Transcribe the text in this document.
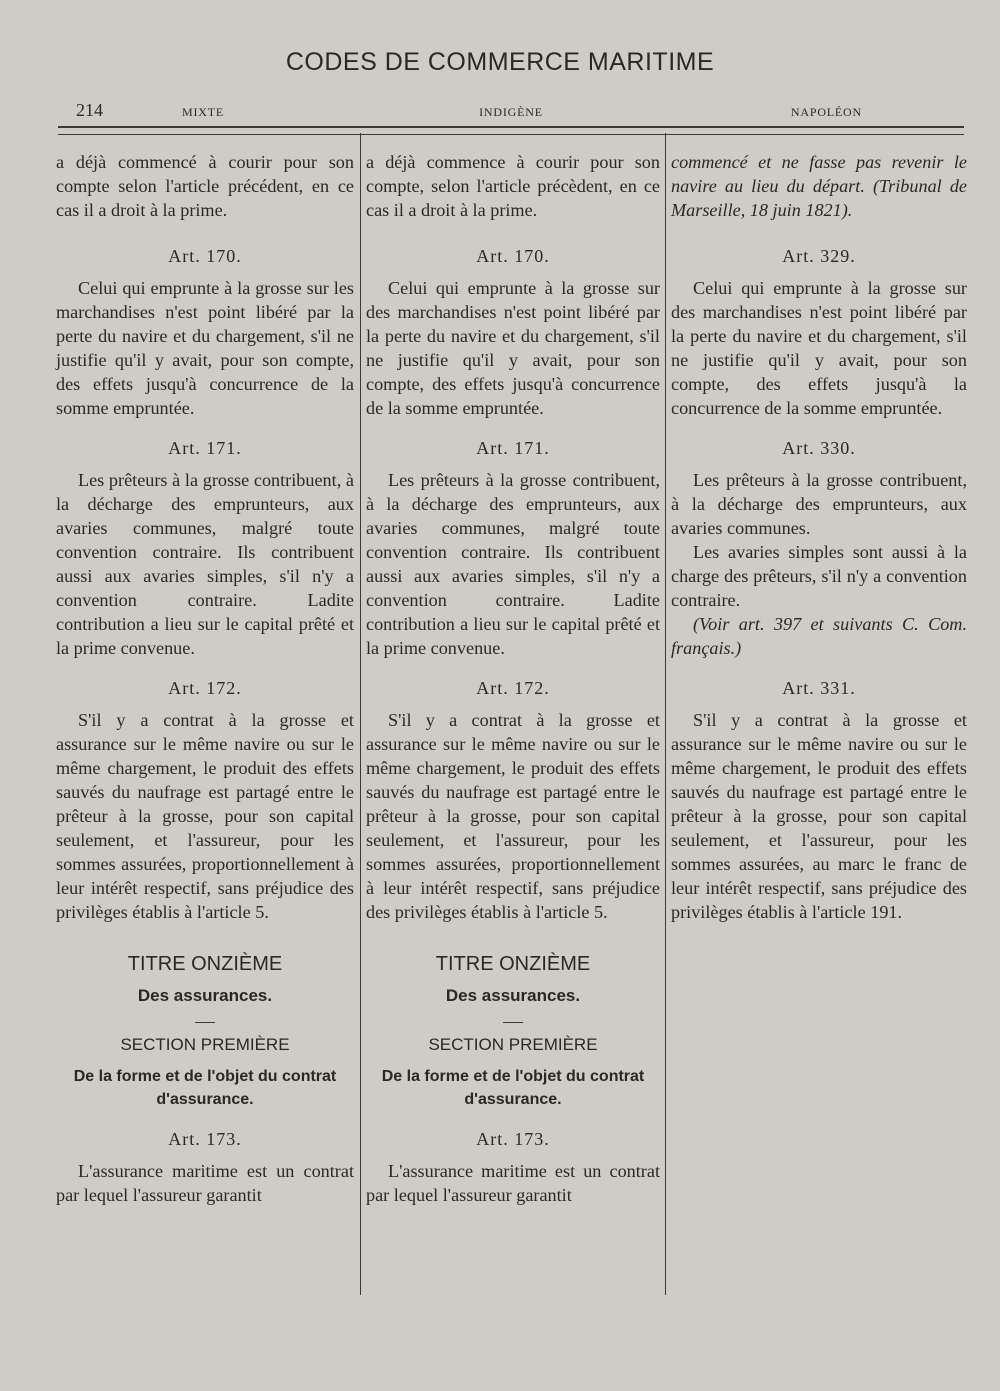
CODES DE COMMERCE MARITIME
214	MIXTE	INDIGÈNE	NAPOLÉON

a déjà commencé à courir pour son compte selon l'article précédent, en ce cas il a droit à la prime.

Art. 170.

Celui qui emprunte à la grosse sur les marchandises n'est point libéré par la perte du navire et du chargement, s'il ne justifie qu'il y avait, pour son compte, des effets jusqu'à concurrence de la somme empruntée.

Art. 171.

Les prêteurs à la grosse contribuent, à la décharge des emprunteurs, aux avaries communes, malgré toute convention contraire. Ils contribuent aussi aux avaries simples, s'il n'y a convention contraire. Ladite contribution a lieu sur le capital prêté et la prime convenue.

Art. 172.

S'il y a contrat à la grosse et assurance sur le même navire ou sur le même chargement, le produit des effets sauvés du naufrage est partagé entre le prêteur à la grosse, pour son capital seulement, et l'assureur, pour les sommes assurées, proportionnellement à leur intérêt respectif, sans préjudice des privilèges établis à l'article 5.

TITRE ONZIÈME
Des assurances.
SECTION PREMIÈRE
De la forme et de l'objet du contrat d'assurance.
Art. 173.

L'assurance maritime est un contrat par lequel l'assureur garantit

a déjà commence à courir pour son compte, selon l'article précèdent, en ce cas il a droit à la prime.

Art. 170.

Celui qui emprunte à la grosse sur des marchandises n'est point libéré par la perte du navire et du chargement, s'il ne justifie qu'il y avait, pour son compte, des effets jusqu'à concurrence de la somme empruntée.

Art. 171.

Les prêteurs à la grosse contribuent, à la décharge des emprunteurs, aux avaries communes, malgré toute convention contraire. Ils contribuent aussi aux avaries simples, s'il n'y a convention contraire. Ladite contribution a lieu sur le capital prêté et la prime convenue.

Art. 172.

S'il y a contrat à la grosse et assurance sur le même navire ou sur le même chargement, le produit des effets sauvés du naufrage est partagé entre le prêteur à la grosse, pour son capital seulement, et l'assureur, pour les sommes assurées, proportionnellement à leur intérêt respectif, sans préjudice des privilèges établis à l'article 5.

TITRE ONZIÈME
Des assurances.
SECTION PREMIÈRE
De la forme et de l'objet du contrat d'assurance.
Art. 173.

L'assurance maritime est un contrat par lequel l'assureur garantit

commencé et ne fasse pas revenir le navire au lieu du départ. (Tribunal de Marseille, 18 juin 1821).

Art. 329.

Celui qui emprunte à la grosse sur des marchandises n'est point libéré par la perte du navire et du chargement, s'il ne justifie qu'il y avait, pour son compte, des effets jusqu'à la concurrence de la somme empruntée.

Art. 330.

Les prêteurs à la grosse contribuent, à la décharge des emprunteurs, aux avaries communes.

Les avaries simples sont aussi à la charge des prêteurs, s'il n'y a convention contraire.

(Voir art. 397 et suivants C. Com. français.)

Art. 331.

S'il y a contrat à la grosse et assurance sur le même navire ou sur le même chargement, le produit des effets sauvés du naufrage est partagé entre le prêteur à la grosse, pour son capital seulement, et l'assureur, pour les sommes assurées, au marc le franc de leur intérêt respectif, sans préjudice des privilèges établis à l'article 191.
